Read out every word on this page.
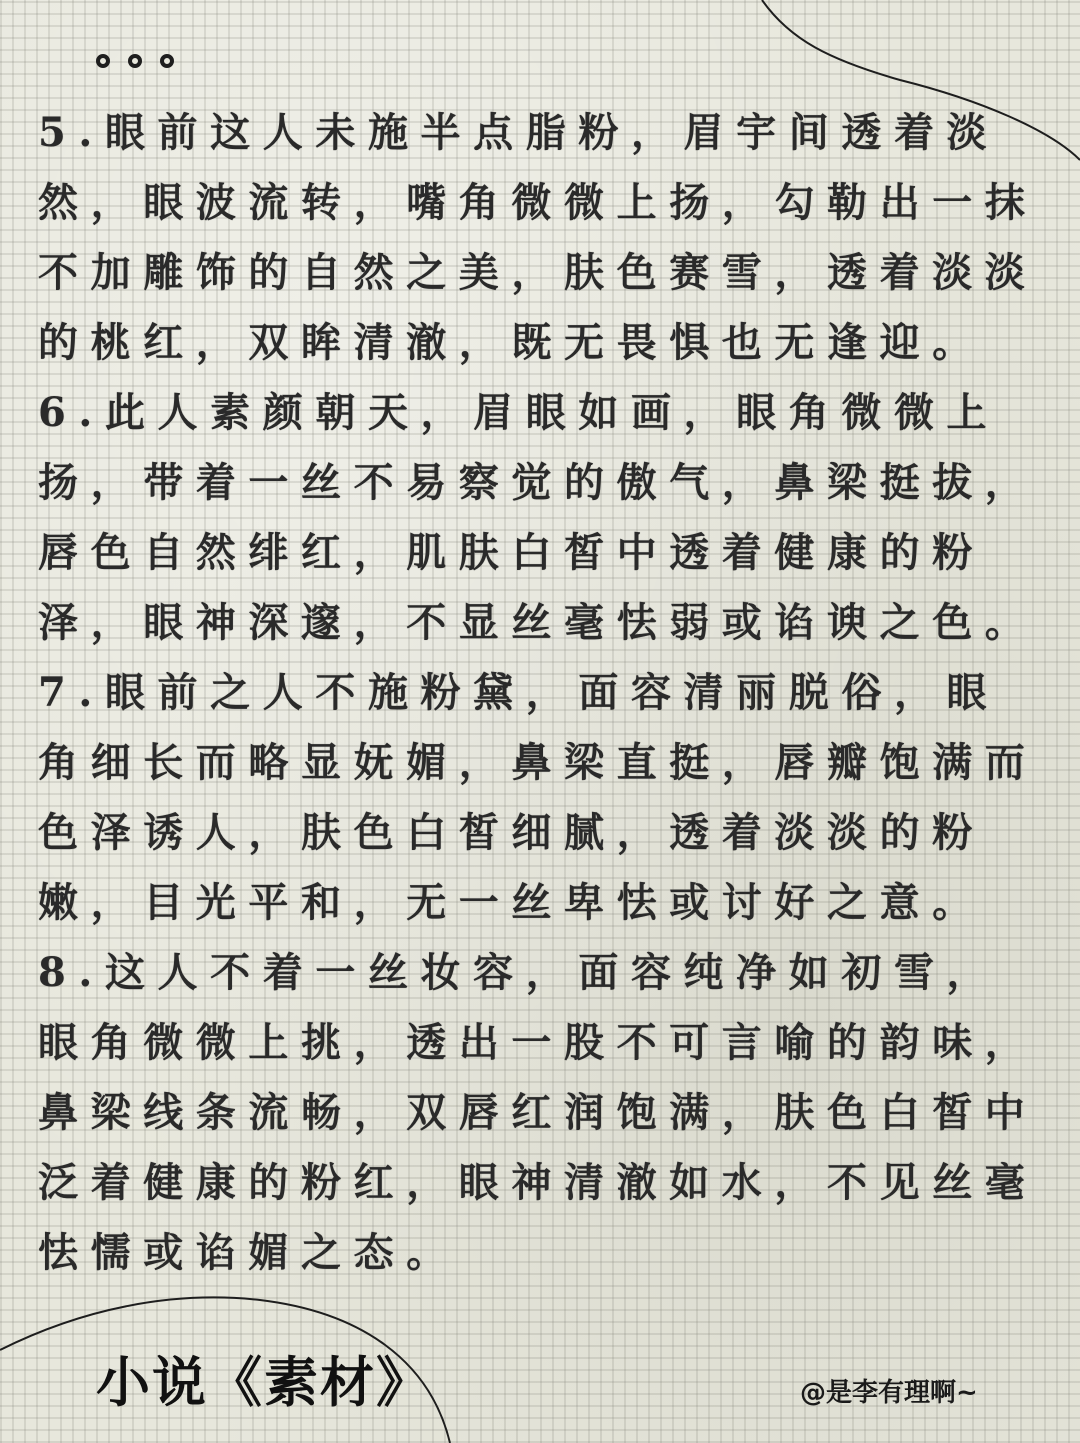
5.眼前这人未施半点脂粉，眉宇间透着淡然，眼波流转，嘴角微微上扬，勾勒出一抹不加雕饰的自然之美，肤色赛雪，透着淡淡的桃红，双眸清澈，既无畏惧也无逢迎。

6.此人素颜朝天，眉眼如画，眼角微微上扬，带着一丝不易察觉的傲气，鼻梁挺拔，唇色自然绯红，肌肤白皙中透着健康的粉泽，眼神深邃，不显丝毫怯弱或谄谀之色。

7.眼前之人不施粉黛，面容清丽脱俗，眼角细长而略显妩媚，鼻梁直挺，唇瓣饱满而色泽诱人，肤色白皙细腻，透着淡淡的粉嫩，目光平和，无一丝卑怯或讨好之意。

8.这人不着一丝妆容，面容纯净如初雪，眼角微微上挑，透出一股不可言喻的韵味，鼻梁线条流畅，双唇红润饱满，肤色白皙中泛着健康的粉红，眼神清澈如水，不见丝毫怯懦或谄媚之态。

小说《素材》	@是李有理啊~
